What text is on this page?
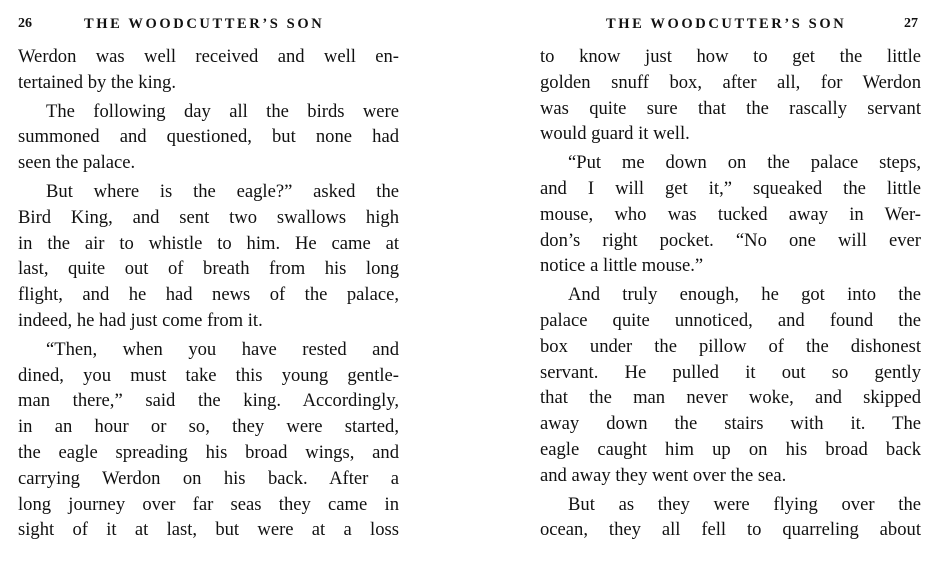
26	THE WOODCUTTER’S SON
Werdon was well received and well en-
tertained by the king.
The following day all the birds were
summoned and questioned, but none had
seen the palace.
But where is the eagle?” asked the
Bird King, and sent two swallows high
in the air to whistle to him. He came at
last, quite out of breath from his long
flight, and he had news of the palace,
indeed, he had just come from it.
“Then, when you have rested and
dined, you must take this young gentle-
man there,” said the king. Accordingly,
in an hour or so, they were started,
the eagle spreading his broad wings, and
carrying Werdon on his back. After a
long journey over far seas they came in
sight of it at last, but were at a loss
THE WOODCUTTER’S SON	27
to know just how to get the little
golden snuff box, after all, for Werdon
was quite sure that the rascally servant
would guard it well.
“Put me down on the palace steps,
and I will get it,” squeaked the little
mouse, who was tucked away in Wer-
don’s right pocket. “No one will ever
notice a little mouse.”
And truly enough, he got into the
palace quite unnoticed, and found the
box under the pillow of the dishonest
servant. He pulled it out so gently
that the man never woke, and skipped
away down the stairs with it. The
eagle caught him up on his broad back
and away they went over the sea.
But as they were flying over the
ocean, they all fell to quarreling about
